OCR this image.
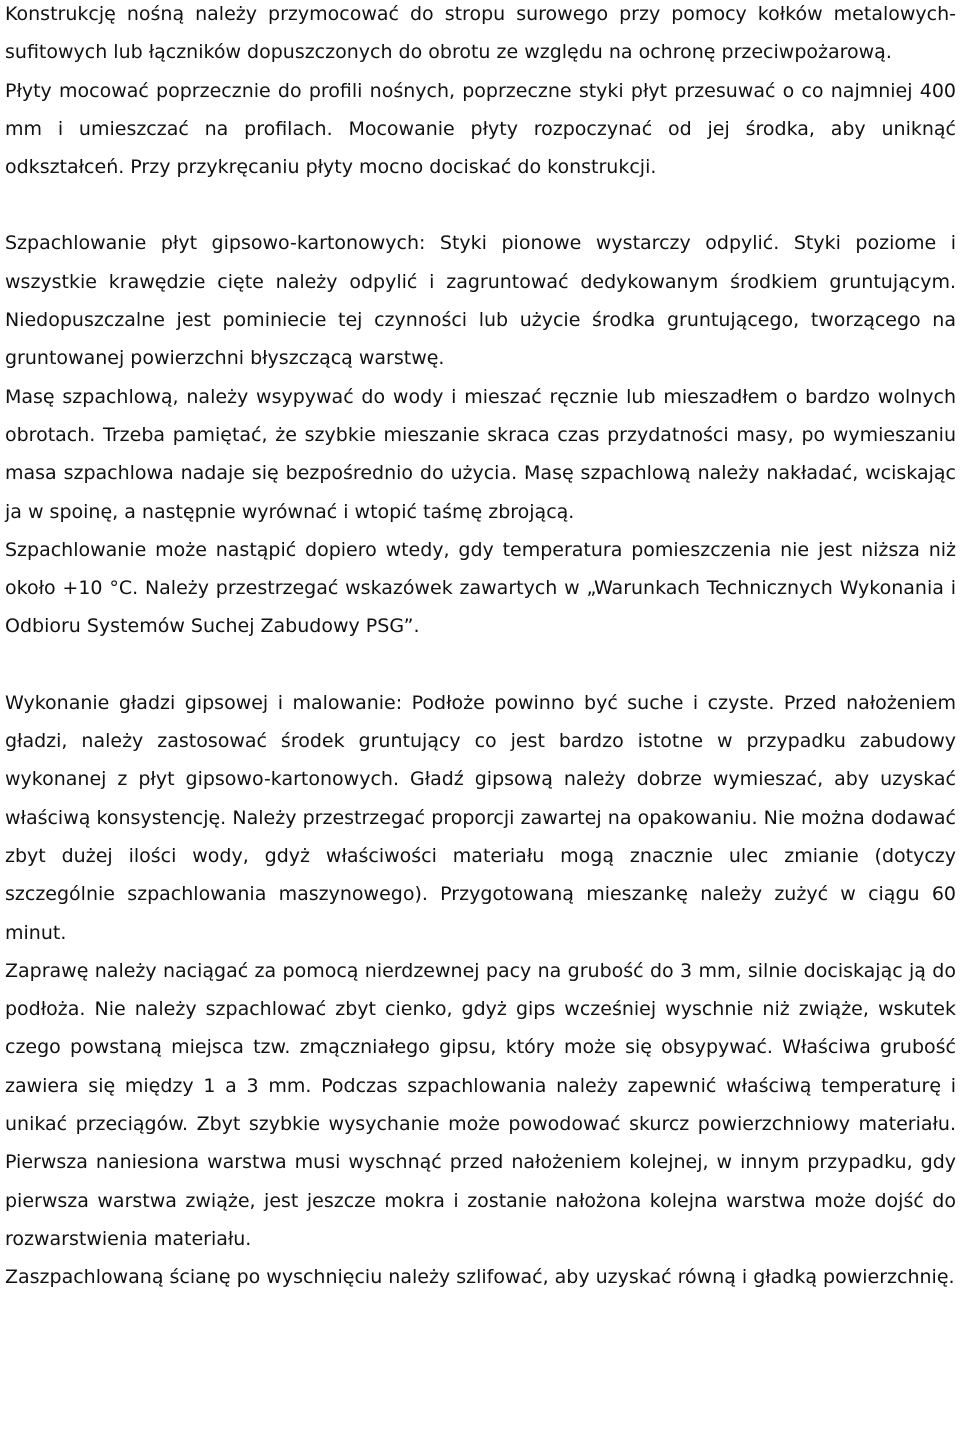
Konstrukcję nośną należy przymocować do stropu surowego przy pomocy kołków metalowych-sufitowych lub łączników dopuszczonych do obrotu ze względu na ochronę przeciwpożarową.

Płyty mocować poprzecznie do profili nośnych, poprzeczne styki płyt przesuwać o co najmniej 400 mm i umieszczać na profilach. Mocowanie płyty rozpoczynać od jej środka, aby uniknąć odkształceń. Przy przykręcaniu płyty mocno dociskać do konstrukcji.

Szpachlowanie płyt gipsowo-kartonowych: Styki pionowe wystarczy odpylić. Styki poziome i wszystkie krawędzie cięte należy odpylić i zagruntować dedykowanym środkiem gruntującym. Niedopuszczalne jest pominiecie tej czynności lub użycie środka gruntującego, tworzącego na gruntowanej powierzchni błyszczącą warstwę.

Masę szpachlową, należy wsypywać do wody i mieszać ręcznie lub mieszadłem o bardzo wolnych obrotach. Trzeba pamiętać, że szybkie mieszanie skraca czas przydatności masy, po wymieszaniu masa szpachlowa nadaje się bezpośrednio do użycia. Masę szpachlową należy nakładać, wciskając ja w spoinę, a następnie wyrównać i wtopić taśmę zbrojącą.

Szpachlowanie może nastąpić dopiero wtedy, gdy temperatura pomieszczenia nie jest niższa niż około +10 °C. Należy przestrzegać wskazówek zawartych w „Warunkach Technicznych Wykonania i Odbioru Systemów Suchej Zabudowy PSG”.

Wykonanie gładzi gipsowej i malowanie: Podłoże powinno być suche i czyste. Przed nałożeniem gładzi, należy zastosować środek gruntujący co jest bardzo istotne w przypadku zabudowy wykonanej z płyt gipsowo-kartonowych. Gładź gipsową należy dobrze wymieszać, aby uzyskać właściwą konsystencję. Należy przestrzegać proporcji zawartej na opakowaniu. Nie można dodawać zbyt dużej ilości wody, gdyż właściwości materiału mogą znacznie ulec zmianie (dotyczy szczególnie szpachlowania maszynowego). Przygotowaną mieszankę należy zużyć w ciągu 60 minut.

Zaprawę należy naciągać za pomocą nierdzewnej pacy na grubość do 3 mm, silnie dociskając ją do podłoża. Nie należy szpachlować zbyt cienko, gdyż gips wcześniej wyschnie niż zwiąże, wskutek czego powstaną miejsca tzw. zmączniałego gipsu, który może się obsypywać. Właściwa grubość zawiera się między 1 a 3 mm. Podczas szpachlowania należy zapewnić właściwą temperaturę i unikać przeciągów. Zbyt szybkie wysychanie może powodować skurcz powierzchniowy materiału. Pierwsza naniesiona warstwa musi wyschnąć przed nałożeniem kolejnej, w innym przypadku, gdy pierwsza warstwa zwiąże, jest jeszcze mokra i zostanie nałożona kolejna warstwa może dojść do rozwarstwienia materiału.

Zaszpachlowaną ścianę po wyschnięciu należy szlifować, aby uzyskać równą i gładką powierzchnię.
